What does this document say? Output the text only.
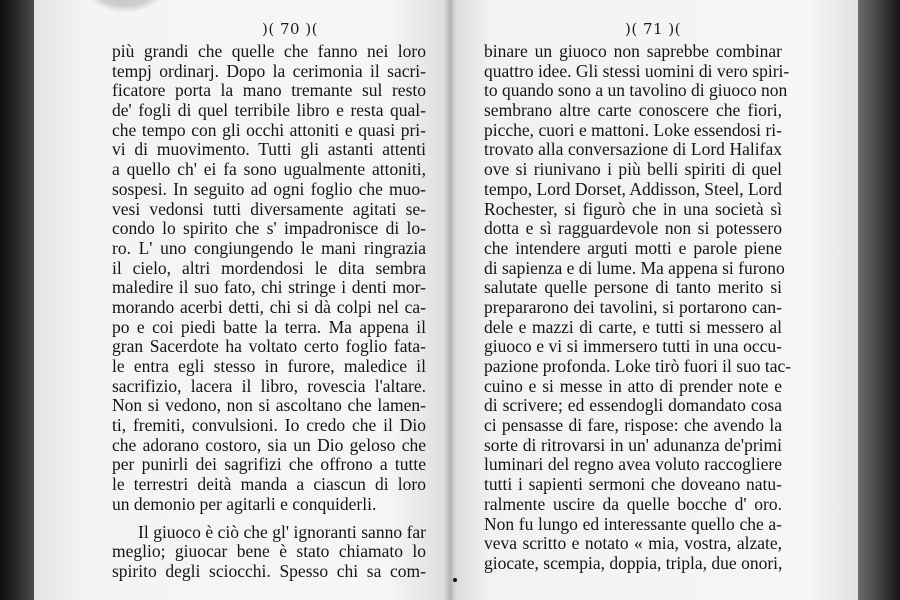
)( 70 )(	)( 71 )(
più grandi che quelle che fanno nei loro
tempj ordinarj. Dopo la cerimonia il sacri-
ficatore porta la mano tremante sul resto
de' fogli di quel terribile libro e resta qual-
che tempo con gli occhi attoniti e quasi pri-
vi di muovimento. Tutti gli astanti attenti
a quello ch' ei fa sono ugualmente attoniti,
sospesi. In seguito ad ogni foglio che muo-
vesi vedonsi tutti diversamente agitati se-
condo lo spirito che s' impadronisce di lo-
ro. L' uno congiungendo le mani ringrazia
il cielo, altri mordendosi le dita sembra
maledire il suo fato, chi stringe i denti mor-
morando acerbi detti, chi si dà colpi nel ca-
po e coi piedi batte la terra. Ma appena il
gran Sacerdote ha voltato certo foglio fata-
le entra egli stesso in furore, maledice il
sacrifizio, lacera il libro, rovescia l'altare.
Non si vedono, non si ascoltano che lamen-
ti, fremiti, convulsioni. Io credo che il Dio
che adorano costoro, sia un Dio geloso che
per punirli dei sagrifizi che offrono a tutte
le terrestri deità manda a ciascun di loro
un demonio per agitarli e conquiderli.
Il giuoco è ciò che gl' ignoranti sanno far
meglio; giuocar bene è stato chiamato lo
spirito degli sciocchi. Spesso chi sa com-
binare un giuoco non saprebbe combinar
quattro idee. Gli stessi uomini di vero spiri-
to quando sono a un tavolino di giuoco non
sembrano altre carte conoscere che fiori,
picche, cuori e mattoni. Loke essendosi ri-
trovato alla conversazione di Lord Halifax
ove si riunivano i più belli spiriti di quel
tempo, Lord Dorset, Addisson, Steel, Lord
Rochester, si figurò che in una società sì
dotta e sì ragguardevole non si potessero
che intendere arguti motti e parole piene
di sapienza e di lume. Ma appena si furono
salutate quelle persone di tanto merito si
prepararono dei tavolini, si portarono can-
dele e mazzi di carte, e tutti si messero al
giuoco e vi si immersero tutti in una occu-
pazione profonda. Loke tirò fuori il suo tac-
cuino e si messe in atto di prender note e
di scrivere; ed essendogli domandato cosa
ci pensasse di fare, rispose: che avendo la
sorte di ritrovarsi in un' adunanza de'primi
luminari del regno avea voluto raccogliere
tutti i sapienti sermoni che doveano natu-
ralmente uscire da quelle bocche d' oro.
Non fu lungo ed interessante quello che a-
veva scritto e notato « mia, vostra, alzate,
giocate, scempia, doppia, tripla, due onori,
